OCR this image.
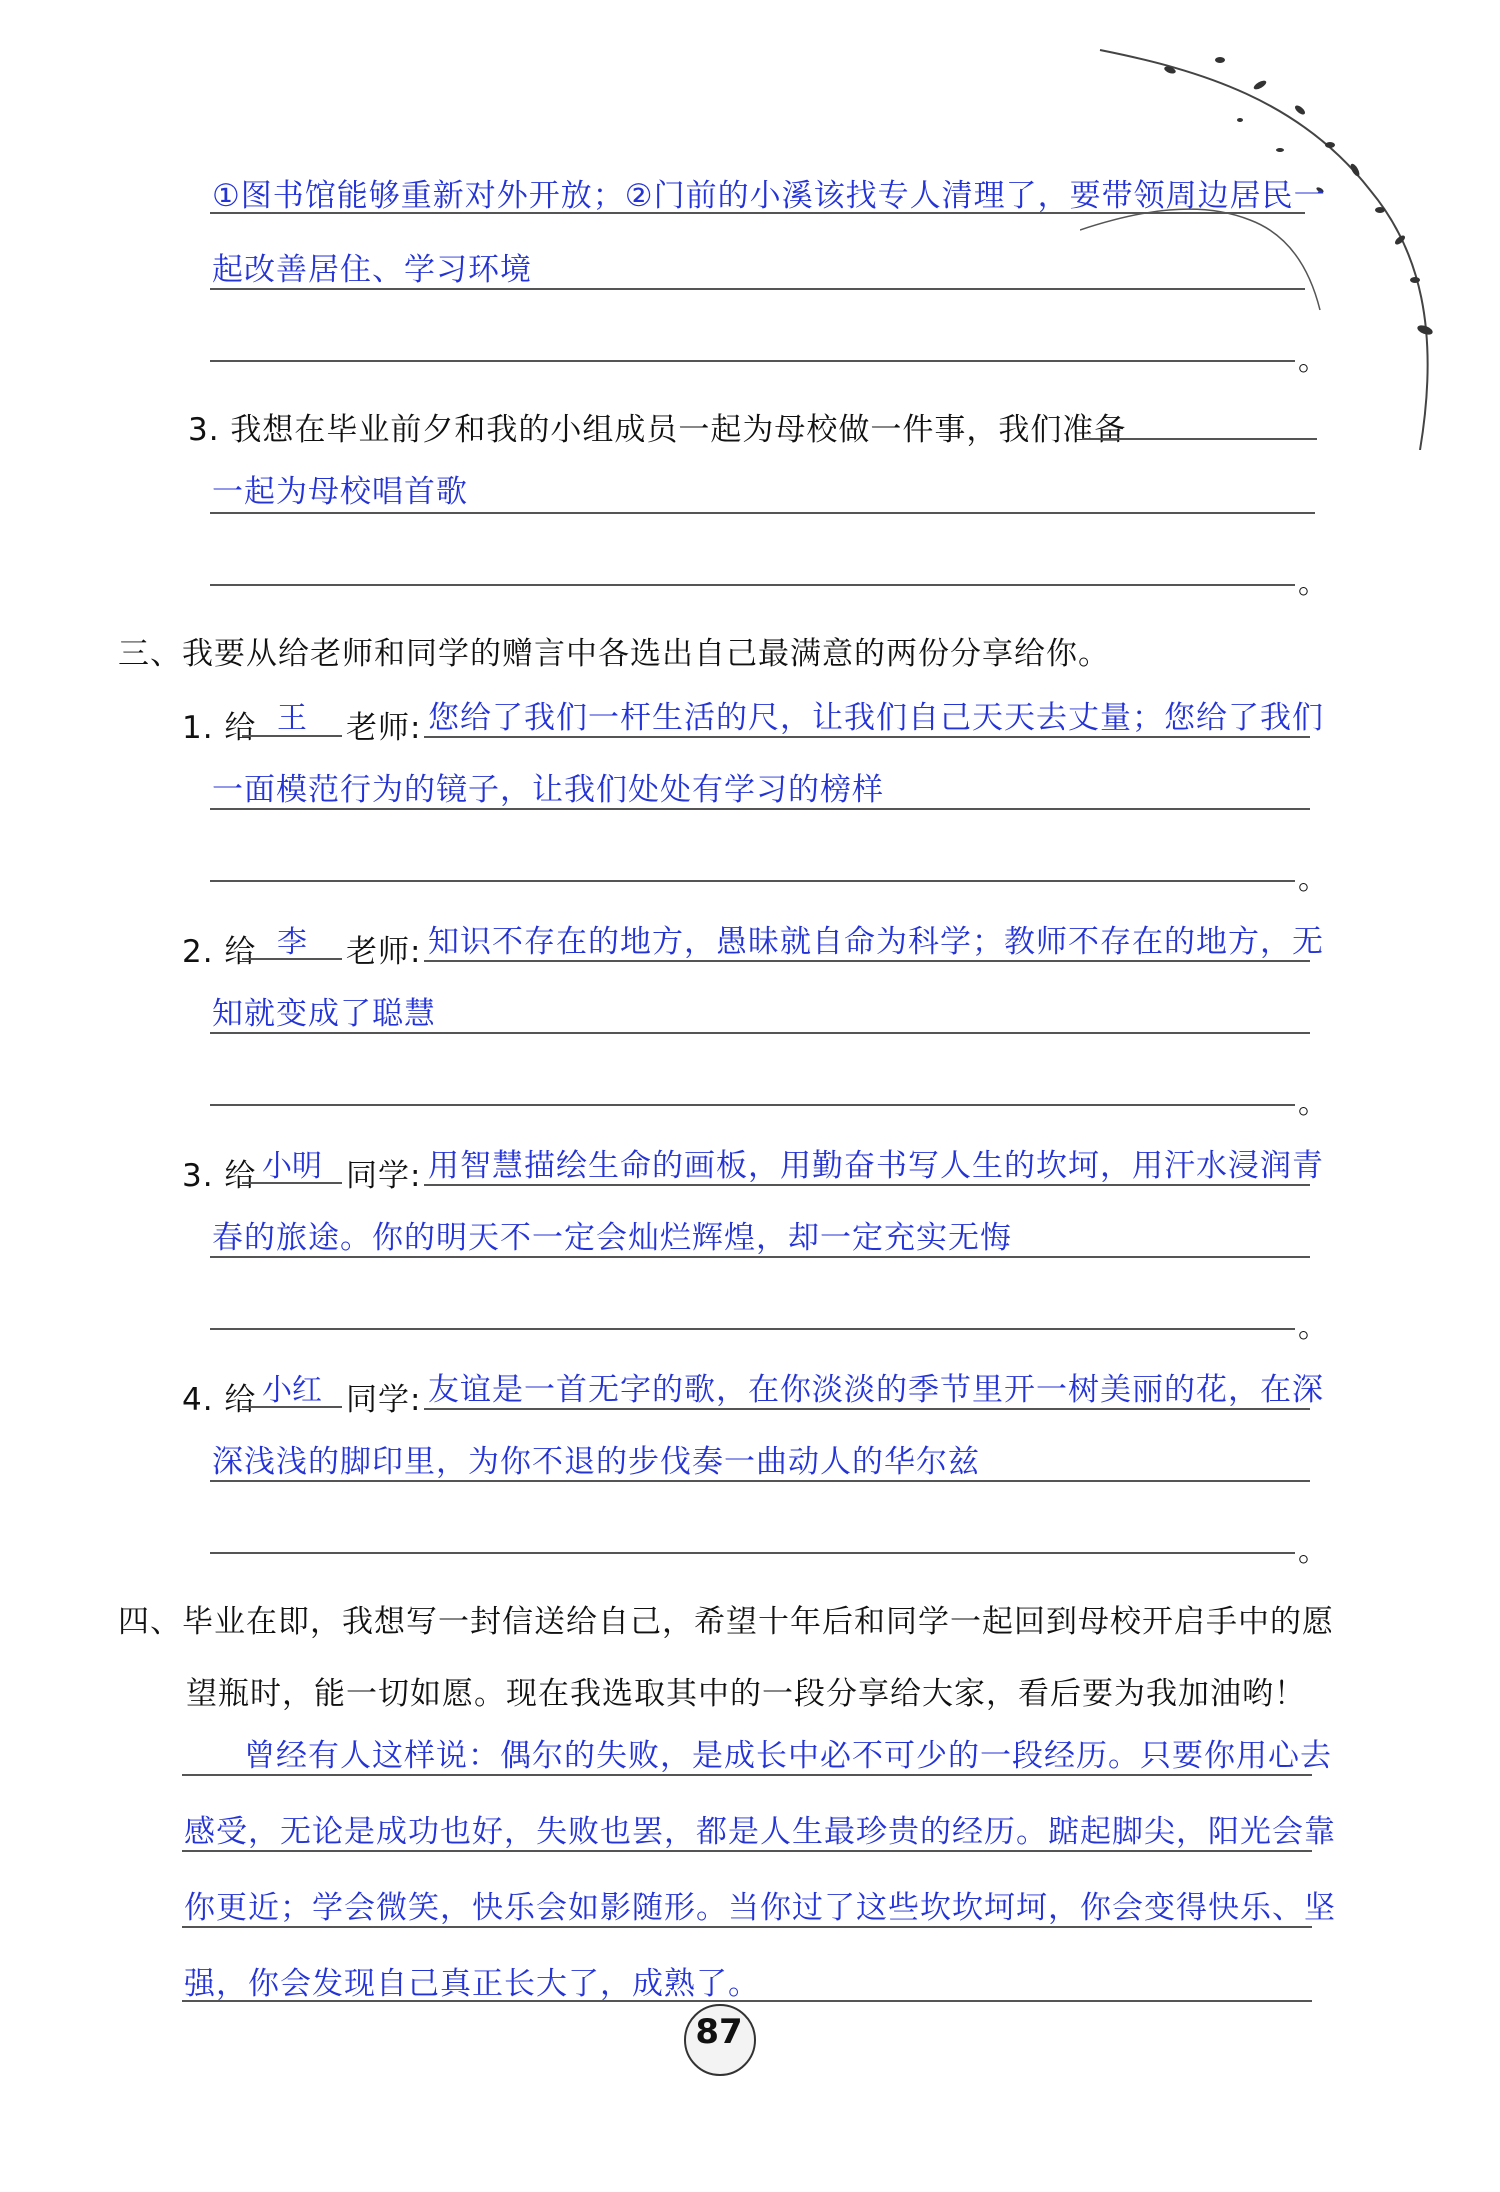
①图书馆能够重新对外开放；②门前的小溪该找专人清理了，要带领周边居民一
起改善居住、学习环境
。
3. 我想在毕业前夕和我的小组成员一起为母校做一件事，我们准备
一起为母校唱首歌
。
三、我要从给老师和同学的赠言中各选出自己最满意的两份分享给你。
1. 给 王	老师: 您给了我们一杆生活的尺，让我们自己天天去丈量；您给了我们
一面模范行为的镜子，让我们处处有学习的榜样
。
2. 给 李	老师: 知识不存在的地方，愚昧就自命为科学；教师不存在的地方，无
知就变成了聪慧
。
3. 给 小明 同学: 用智慧描绘生命的画板，用勤奋书写人生的坎坷，用汗水浸润青
春的旅途。你的明天不一定会灿烂辉煌，却一定充实无悔
。
4. 给 小红 同学: 友谊是一首无字的歌，在你淡淡的季节里开一树美丽的花，在深
深浅浅的脚印里，为你不退的步伐奏一曲动人的华尔兹
。
四、毕业在即，我想写一封信送给自己，希望十年后和同学一起回到母校开启手中的愿
望瓶时，能一切如愿。现在我选取其中的一段分享给大家，看后要为我加油哟！
曾经有人这样说：偶尔的失败，是成长中必不可少的一段经历。只要你用心去
感受，无论是成功也好，失败也罢，都是人生最珍贵的经历。踮起脚尖，阳光会靠
你更近；学会微笑，快乐会如影随形。当你过了这些坎坎坷坷，你会变得快乐、坚
强，你会发现自己真正长大了，成熟了。
87
